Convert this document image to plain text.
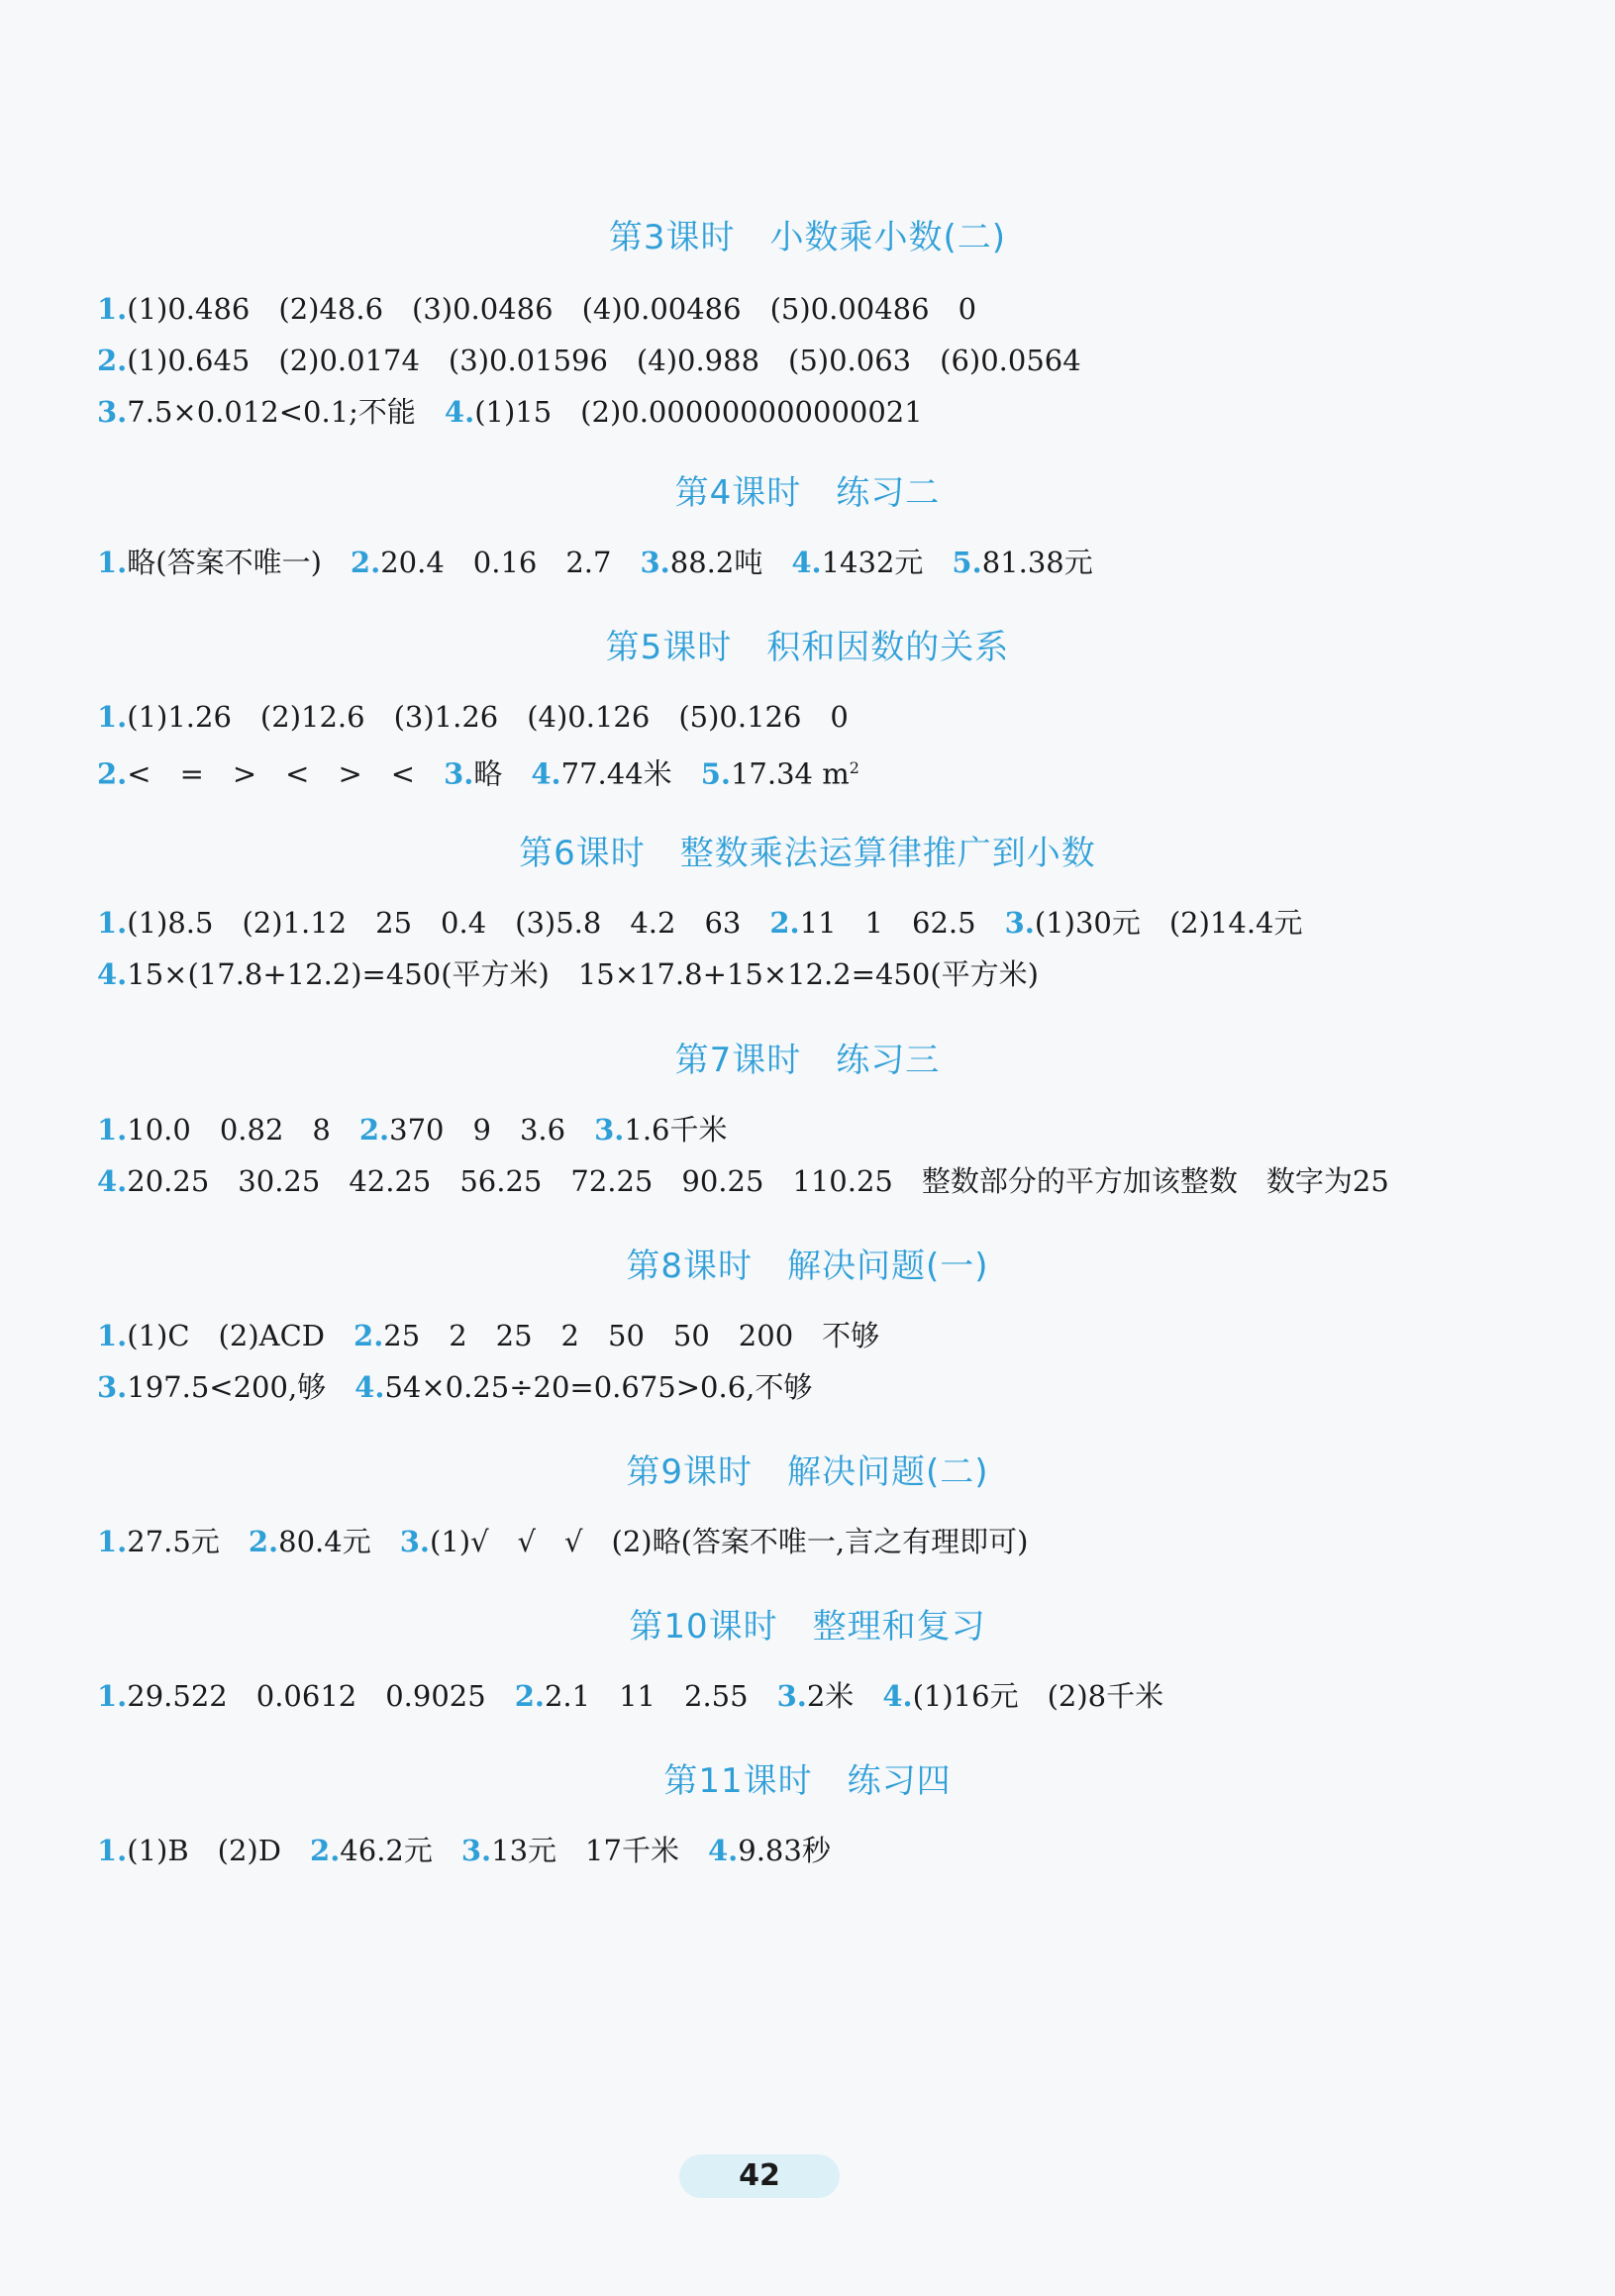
第3课时　小数乘小数(二)
1.(1)0.486　(2)48.6　(3)0.0486　(4)0.00486　(5)0.00486　0
2.(1)0.645　(2)0.0174　(3)0.01596　(4)0.988　(5)0.063　(6)0.0564
3.7.5×0.012<0.1;不能　4.(1)15　(2)0.000000000000021
第4课时　练习二
1.略(答案不唯一)　2.20.4　0.16　2.7　3.88.2吨　4.1432元　5.81.38元
第5课时　积和因数的关系
1.(1)1.26　(2)12.6　(3)1.26　(4)0.126　(5)0.126　0
2.<　=　>　<　>　<　3.略　4.77.44米　5.17.34 $m^2$
第6课时　整数乘法运算律推广到小数
1.(1)8.5　(2)1.12　25　0.4　(3)5.8　4.2　63　2.11　1　62.5　3.(1)30元　(2)14.4元
4.15×(17.8+12.2)=450(平方米)　15×17.8+15×12.2=450(平方米)
第7课时　练习三
1.10.0　0.82　8　2.370　9　3.6　3.1.6千米
4.20.25　30.25　42.25　56.25　72.25　90.25　110.25　整数部分的平方加该整数　数字为25
第8课时　解决问题(一)
1.(1)C　(2)ACD　2.25　2　25　2　50　50　200　不够
3.197.5<200,够　4.54×0.25÷20=0.675>0.6,不够
第9课时　解决问题(二)
1.27.5元　2.80.4元　3.(1)√　√　√　(2)略(答案不唯一,言之有理即可)
第10课时　整理和复习
1.29.522　0.0612　0.9025　2.2.1　11　2.55　3.2米　4.(1)16元　(2)8千米
第11课时　练习四
1.(1)B　(2)D　2.46.2元　3.13元　17千米　4.9.83秒
42
